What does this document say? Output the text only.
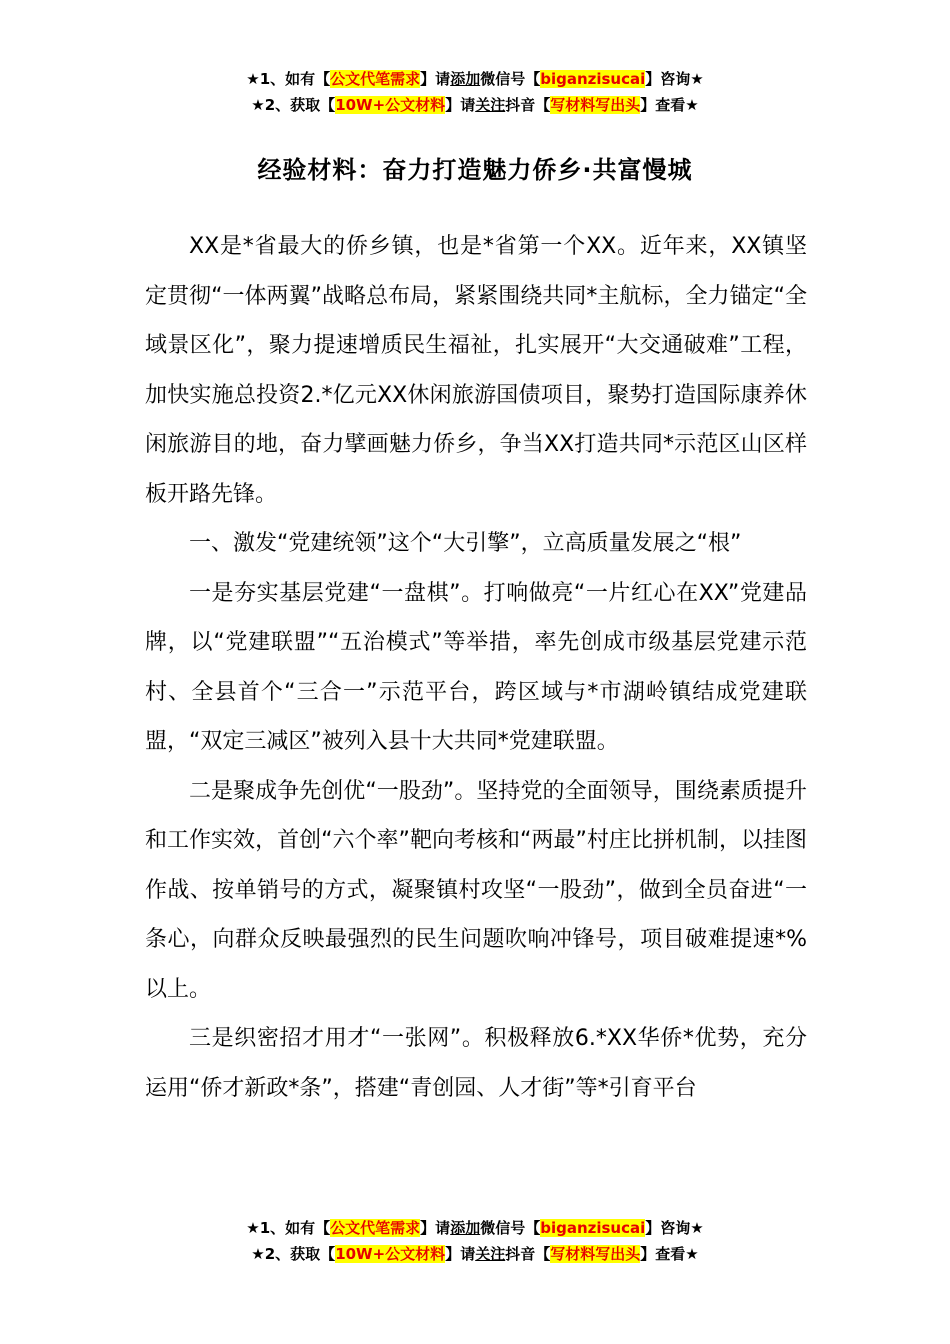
★1、如有【公文代笔需求】请添加微信号【biganzisucai】咨询★
★2、获取【10W+公文材料】请关注抖音【写材料写出头】查看★
经验材料：奋力打造魅力侨乡·共富慢城

XX是*省最大的侨乡镇，也是*省第一个XX。近年来，XX镇坚定贯彻“一体两翼”战略总布局，紧紧围绕共同*主航标，全力锚定“全域景区化”，聚力提速增质民生福祉，扎实展开“大交通破难”工程，加快实施总投资2.*亿元XX休闲旅游国债项目，聚势打造国际康养休闲旅游目的地，奋力擘画魅力侨乡，争当XX打造共同*示范区山区样板开路先锋。

一、激发“党建统领”这个“大引擎”，立高质量发展之“根”

一是夯实基层党建“一盘棋”。打响做亮“一片红心在XX”党建品牌，以“党建联盟”“五治模式”等举措，率先创成市级基层党建示范村、全县首个“三合一”示范平台，跨区域与*市湖岭镇结成党建联盟，“双定三减区”被列入县十大共同*党建联盟。

二是聚成争先创优“一股劲”。坚持党的全面领导，围绕素质提升和工作实效，首创“六个率”靶向考核和“两最”村庄比拼机制，以挂图作战、按单销号的方式，凝聚镇村攻坚“一股劲”，做到全员奋进“一条心，向群众反映最强烈的民生问题吹响冲锋号，项目破难提速*%以上。

三是织密招才用才“一张网”。积极释放6.*XX华侨*优势，充分运用“侨才新政*条”，搭建“青创园、人才街”等*引育平台

★1、如有【公文代笔需求】请添加微信号【biganzisucai】咨询★
★2、获取【10W+公文材料】请关注抖音【写材料写出头】查看★
